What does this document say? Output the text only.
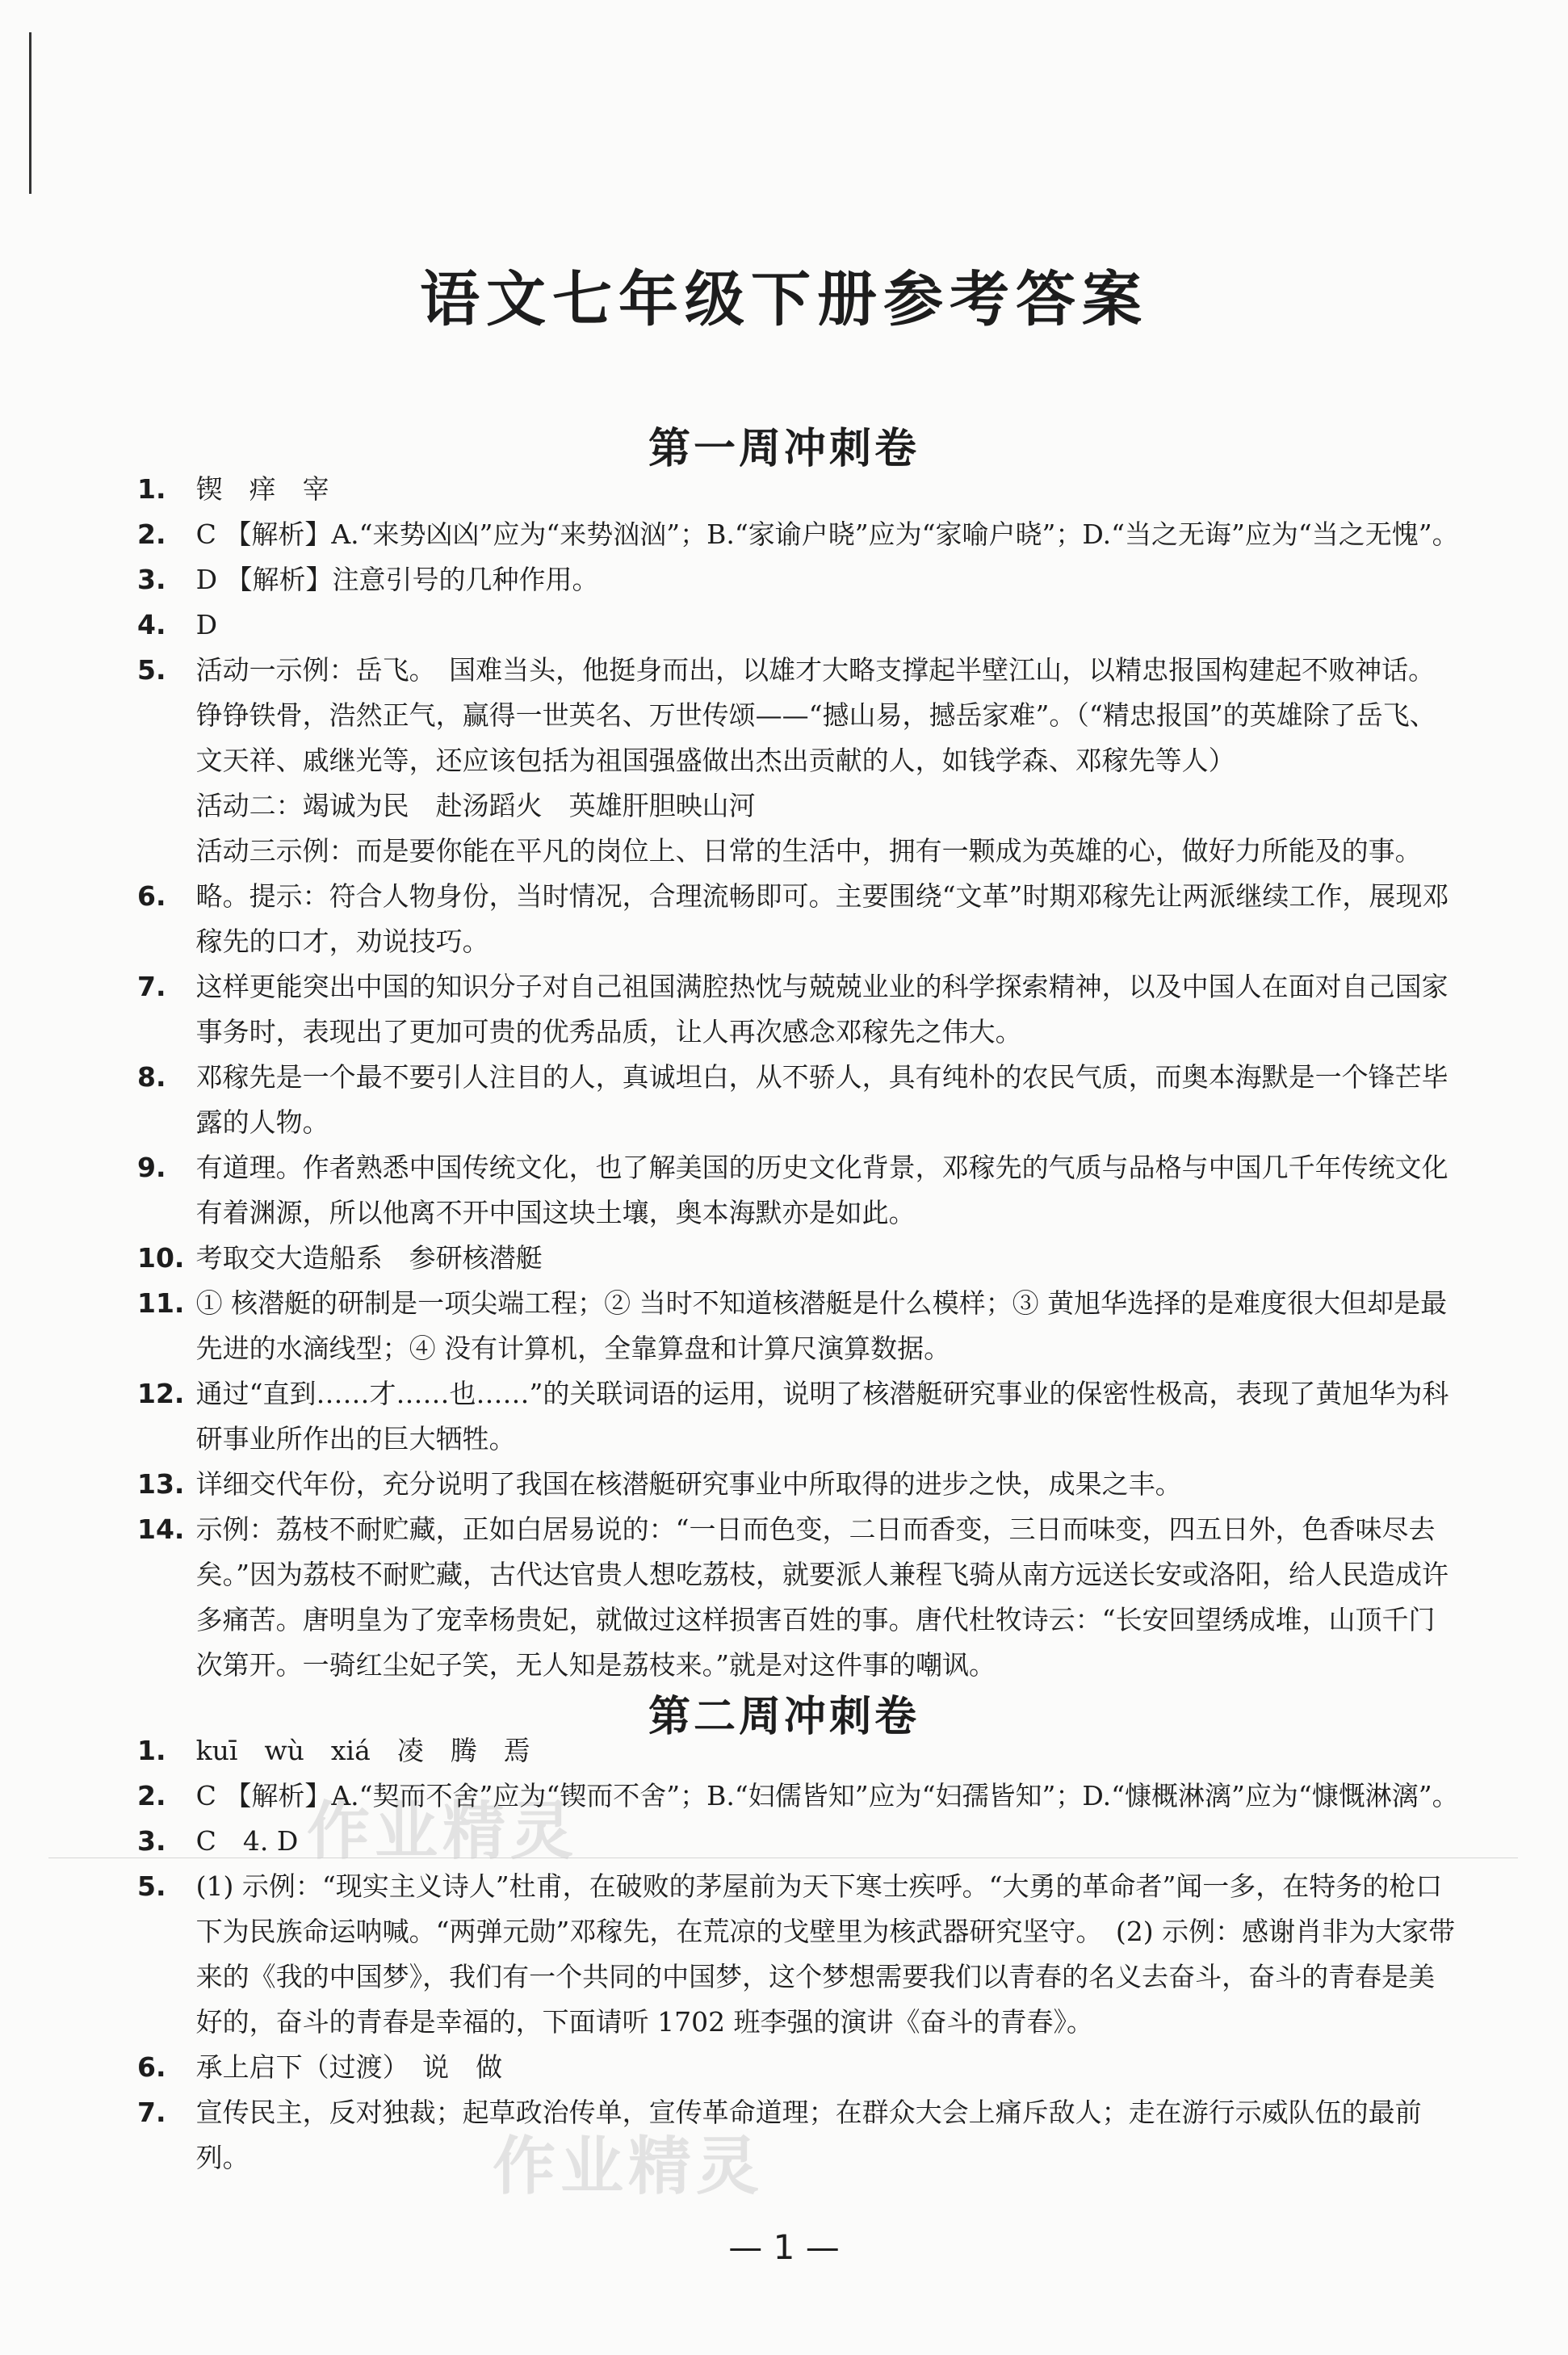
作业精灵
作业精灵
语文七年级下册参考答案
第一周冲刺卷
1. 锲　痒　宰
2. C 【解析】A.“来势凶凶”应为“来势汹汹”；B.“家谕户晓”应为“家喻户晓”；D.“当之无诲”应为“当之无愧”。
3. D 【解析】注意引号的几种作用。
4. D
5. 活动一示例：岳飞。　国难当头，他挺身而出，以雄才大略支撑起半壁江山，以精忠报国构建起不败神话。铮铮铁骨，浩然正气，赢得一世英名、万世传颂——“撼山易，撼岳家难”。（“精忠报国”的英雄除了岳飞、文天祥、戚继光等，还应该包括为祖国强盛做出杰出贡献的人，如钱学森、邓稼先等人）
活动二：竭诚为民　赴汤蹈火　英雄肝胆映山河
活动三示例：而是要你能在平凡的岗位上、日常的生活中，拥有一颗成为英雄的心，做好力所能及的事。
6. 略。提示：符合人物身份，当时情况，合理流畅即可。主要围绕“文革”时期邓稼先让两派继续工作，展现邓稼先的口才，劝说技巧。
7. 这样更能突出中国的知识分子对自己祖国满腔热忱与兢兢业业的科学探索精神，以及中国人在面对自己国家事务时，表现出了更加可贵的优秀品质，让人再次感念邓稼先之伟大。
8. 邓稼先是一个最不要引人注目的人，真诚坦白，从不骄人，具有纯朴的农民气质，而奥本海默是一个锋芒毕露的人物。
9. 有道理。作者熟悉中国传统文化，也了解美国的历史文化背景，邓稼先的气质与品格与中国几千年传统文化有着渊源，所以他离不开中国这块土壤，奥本海默亦是如此。
10. 考取交大造船系　参研核潜艇
11. ① 核潜艇的研制是一项尖端工程；② 当时不知道核潜艇是什么模样；③ 黄旭华选择的是难度很大但却是最先进的水滴线型；④ 没有计算机，全靠算盘和计算尺演算数据。
12. 通过“直到……才……也……”的关联词语的运用，说明了核潜艇研究事业的保密性极高，表现了黄旭华为科研事业所作出的巨大牺牲。
13. 详细交代年份，充分说明了我国在核潜艇研究事业中所取得的进步之快，成果之丰。
14. 示例：荔枝不耐贮藏，正如白居易说的：“一日而色变，二日而香变，三日而味变，四五日外，色香味尽去矣。”因为荔枝不耐贮藏，古代达官贵人想吃荔枝，就要派人兼程飞骑从南方远送长安或洛阳，给人民造成许多痛苦。唐明皇为了宠幸杨贵妃，就做过这样损害百姓的事。唐代杜牧诗云：“长安回望绣成堆，山顶千门次第开。一骑红尘妃子笑，无人知是荔枝来。”就是对这件事的嘲讽。
第二周冲刺卷
1. kuī　wù　xiá　凌　腾　焉
2. C 【解析】A.“契而不舍”应为“锲而不舍”；B.“妇儒皆知”应为“妇孺皆知”；D.“慷概淋漓”应为“慷慨淋漓”。
3. C　4. D
5. (1) 示例：“现实主义诗人”杜甫，在破败的茅屋前为天下寒士疾呼。“大勇的革命者”闻一多，在特务的枪口下为民族命运呐喊。“两弹元勋”邓稼先，在荒凉的戈壁里为核武器研究坚守。　(2) 示例：感谢肖非为大家带来的《我的中国梦》，我们有一个共同的中国梦，这个梦想需要我们以青春的名义去奋斗，奋斗的青春是美好的，奋斗的青春是幸福的，下面请听 1702 班李强的演讲《奋斗的青春》。
6. 承上启下（过渡）　说　做
7. 宣传民主，反对独裁；起草政治传单，宣传革命道理；在群众大会上痛斥敌人；走在游行示威队伍的最前列。
— 1 —
